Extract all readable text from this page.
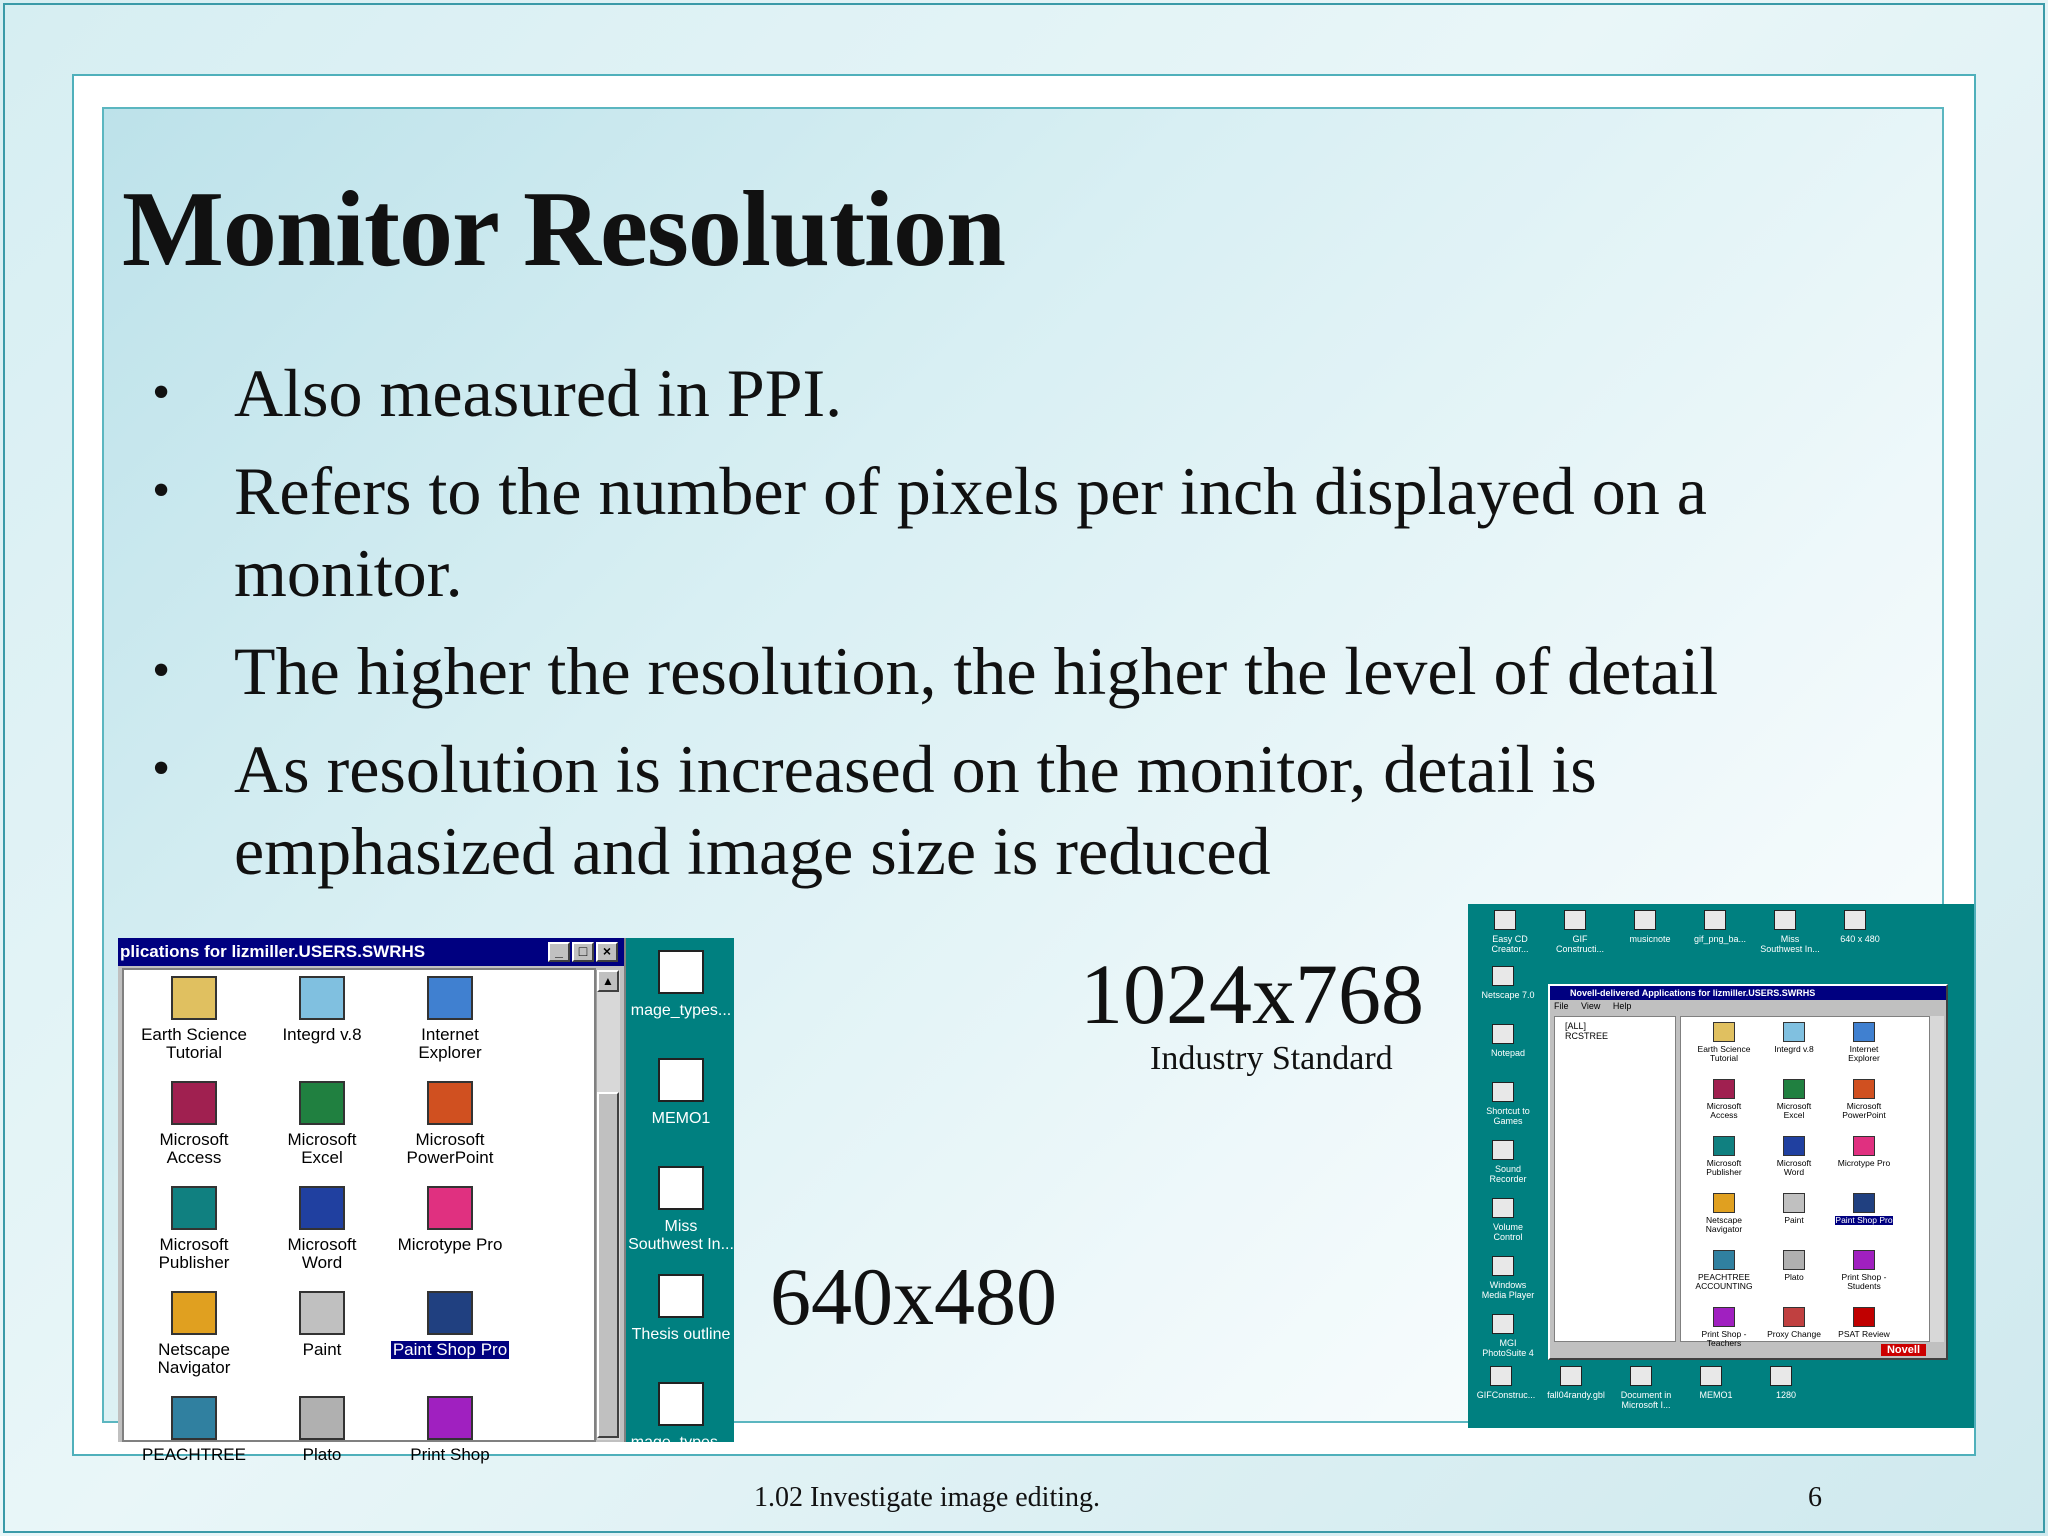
Monitor Resolution
• Also measured in PPI.
• Refers to the number of pixels per inch displayed on a monitor.
• The higher the resolution, the higher the level of detail
• As resolution is increased on the monitor, detail is emphasized and image size is reduced
plications for lizmiller.USERS.SWRHS	_	□	×
Earth Science
Tutorial
Integrd v.8	Internet
Explorer
Microsoft
Access
Microsoft
Excel
Microsoft
PowerPoint
Microsoft
Publisher
Microsoft
Word
Microtype Pro
Netscape
Navigator
Paint	Paint Shop Pro
PEACHTREE	Plato	Print Shop
▲
mage_types...
MEMO1
Miss
Southwest In...
Thesis outline
mage_types...
640x480
1024x768
Industry Standard
Novell-delivered Applications for lizmiller.USERS.SWRHS
File View Help
[ALL]
RCSTREE
Earth Science
Tutorial
Integrd v.8	Internet
Explorer
Microsoft
Access
Microsoft
Excel
Microsoft
PowerPoint
Microsoft
Publisher
Microsoft
Word
Microtype Pro
Netscape
Navigator
Paint	Paint Shop Pro
PEACHTREE
ACCOUNTING
Plato	Print Shop -
Students
Print Shop -
Teachers
Proxy Change PSAT Review
Novell
Easy CD
Creator...
GIF
Constructi...
musicnote	gif_png_ba...	Miss
Southwest In...
640 x 480
Netscape 7.0
Notepad
Shortcut to
Games
Sound
Recorder
Volume Control
Windows
Media Player
MGI
PhotoSuite 4
GIFConstruc... fall04randy.gbl	Document in
Microsoft I...
MEMO1	1280
1.02 Investigate image editing.	6
